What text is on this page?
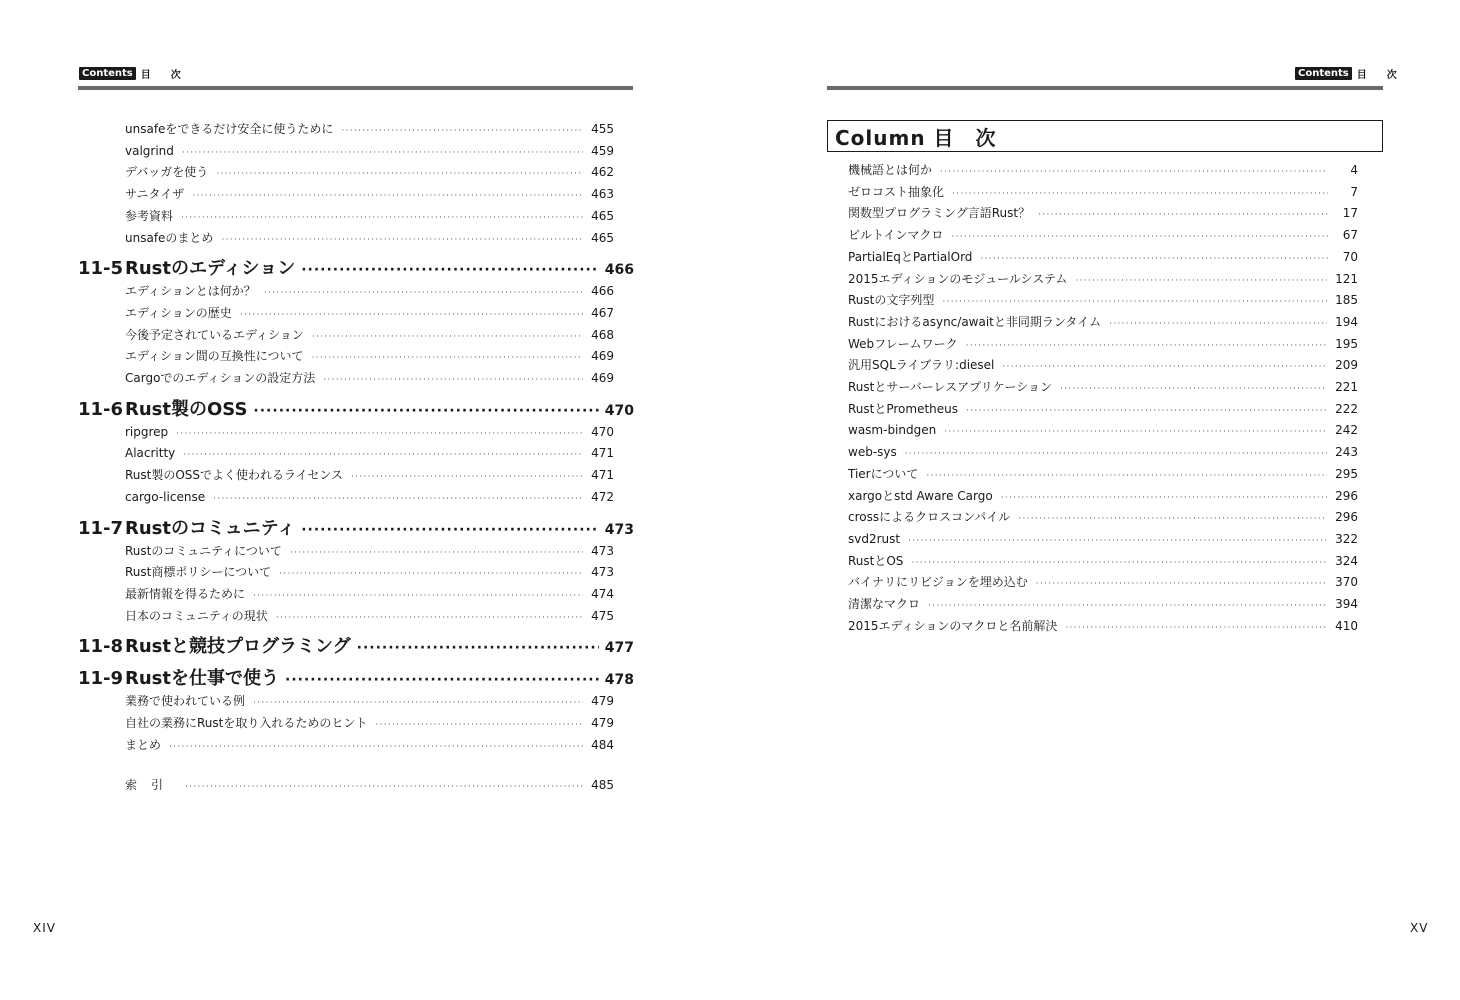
Contents 目　次
unsafeをできるだけ安全に使うために ·····	455
valgrind ·····	459
デバッガを使う ·····	462
サニタイザ ·····	463
参考資料 ·····	465
unsafeのまとめ ·····	465
11-5 Rustのエディション ·····	466
エディションとは何か？ ·····	466
エディションの歴史 ·····	467
今後予定されているエディション ·····	468
エディション間の互換性について ·····	469
Cargoでのエディションの設定方法 ·····	469
11-6 Rust製のOSS ·····	470
ripgrep ·····	470
Alacritty ·····	471
Rust製のOSSでよく使われるライセンス ·····	471
cargo-license ·····	472
11-7 Rustのコミュニティ ·····	473
Rustのコミュニティについて ·····	473
Rust商標ポリシーについて ·····	473
最新情報を得るために ·····	474
日本のコミュニティの現状 ·····	475
11-8 Rustと競技プログラミング ·····	477
11-9 Rustを仕事で使う ·····	478
業務で使われている例 ·····	479
自社の業務にRustを取り入れるためのヒント ·····	479
まとめ ·····	484
索引 ·····	485
XIV
Contents 目　次
Column 目　次
機械語とは何か ·····	4
ゼロコスト抽象化 ·····	7
関数型プログラミング言語Rust？ ·····	17
ビルトインマクロ ·····	67
PartialEqとPartialOrd ·····	70
2015エディションのモジュールシステム ·····	121
Rustの文字列型 ·····	185
Rustにおけるasync/awaitと非同期ランタイム ·····	194
Webフレームワーク ·····	195
汎用SQLライブラリ:diesel ·····	209
Rustとサーバーレスアプリケーション ·····	221
RustとPrometheus ·····	222
wasm-bindgen ·····	242
web-sys ·····	243
Tierについて ·····	295
xargoとstd Aware Cargo ·····	296
crossによるクロスコンパイル ·····	296
svd2rust ·····	322
RustとOS ·····	324
バイナリにリビジョンを埋め込む ·····	370
清潔なマクロ ·····	394
2015エディションのマクロと名前解決 ·····	410
XV
